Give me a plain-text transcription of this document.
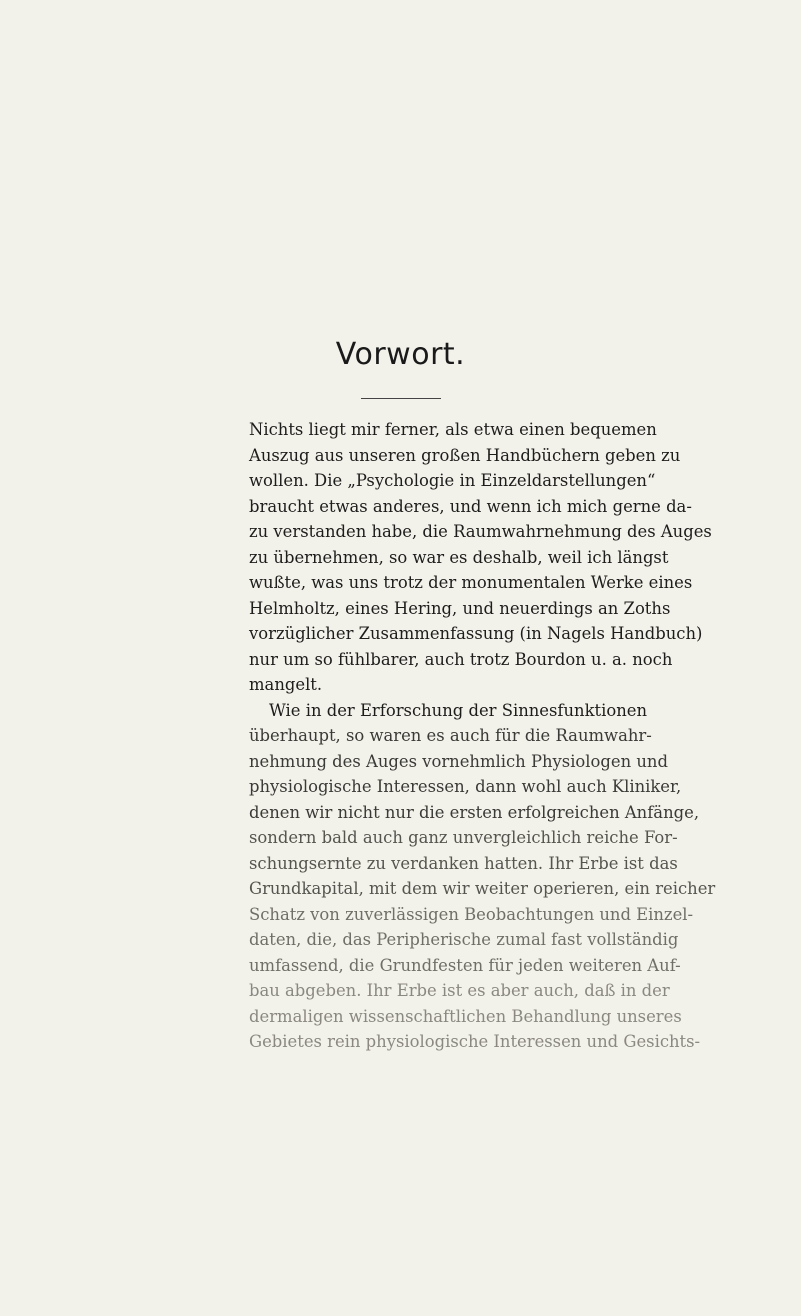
Vorwort.
Nichts liegt mir ferner, als etwa einen bequemen
Auszug aus unseren großen Handbüchern geben zu
wollen. Die „Psychologie in Einzeldarstellungen“
braucht etwas anderes, und wenn ich mich gerne da-
zu verstanden habe, die Raumwahrnehmung des Auges
zu übernehmen, so war es deshalb, weil ich längst
wußte, was uns trotz der monumentalen Werke eines
Helmholtz, eines Hering, und neuerdings an Zoths
vorzüglicher Zusammenfassung (in Nagels Handbuch)
nur um so fühlbarer, auch trotz Bourdon u. a. noch
mangelt.
Wie in der Erforschung der Sinnesfunktionen
überhaupt, so waren es auch für die Raumwahr-
nehmung des Auges vornehmlich Physiologen und
physiologische Interessen, dann wohl auch Kliniker,
denen wir nicht nur die ersten erfolgreichen Anfänge,
sondern bald auch ganz unvergleichlich reiche For-
schungsernte zu verdanken hatten. Ihr Erbe ist das
Grundkapital, mit dem wir weiter operieren, ein reicher
Schatz von zuverlässigen Beobachtungen und Einzel-
daten, die, das Peripherische zumal fast vollständig
umfassend, die Grundfesten für jeden weiteren Auf-
bau abgeben. Ihr Erbe ist es aber auch, daß in der
dermaligen wissenschaftlichen Behandlung unseres
Gebietes rein physiologische Interessen und Gesichts-
